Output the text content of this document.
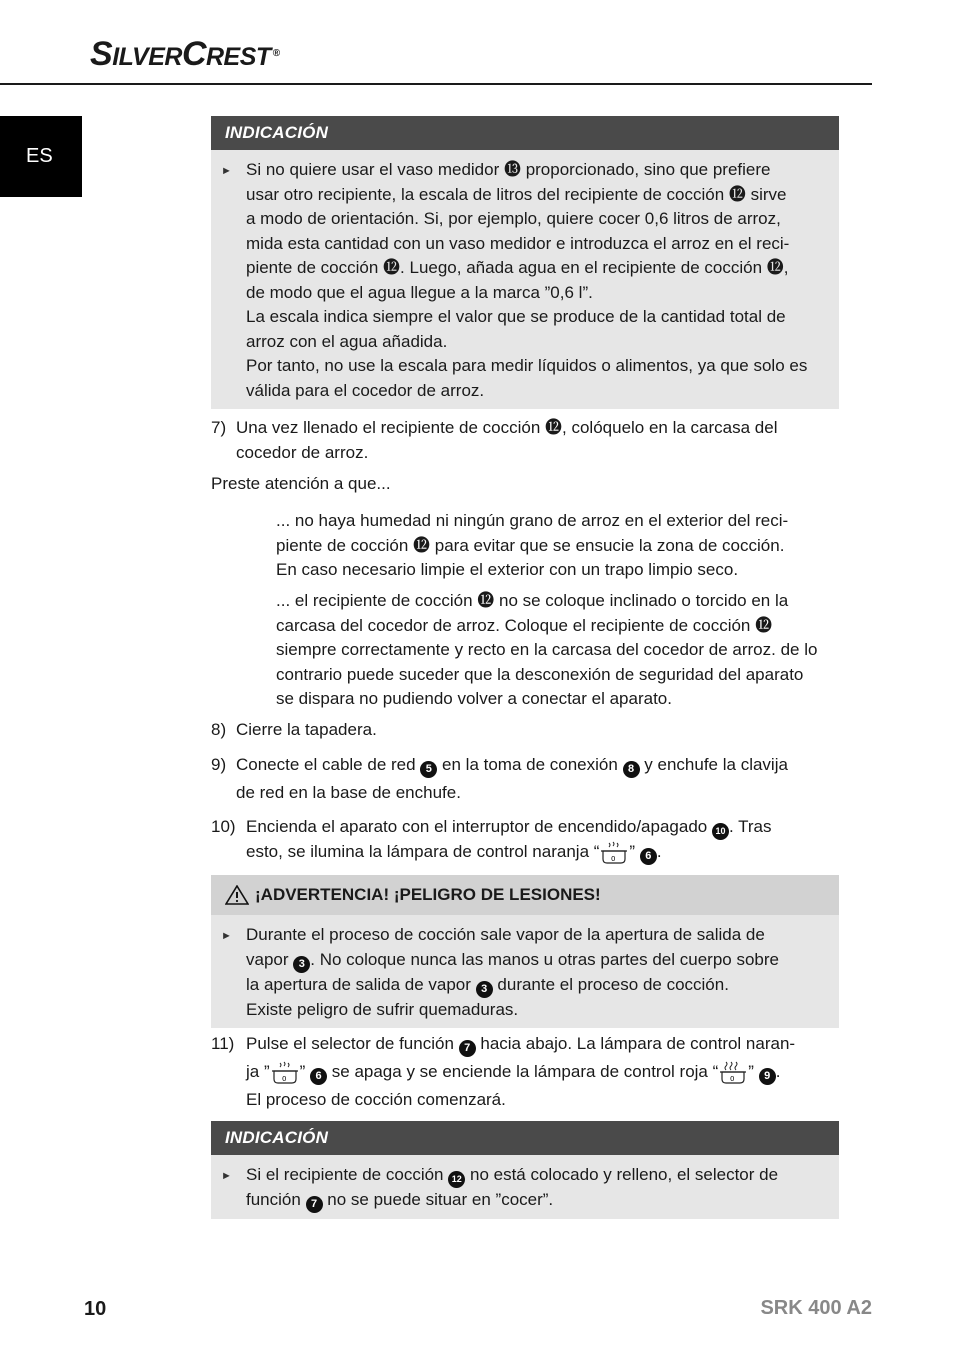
SILVERCREST ®
ES
INDICACIÓN
► Si no quiere usar el vaso medidor ⓭ proporcionado, sino que prefiere

usar otro recipiente, la escala de litros del recipiente de cocción ⓬ sirve

a modo de orientación. Si, por ejemplo, quiere cocer 0,6 litros de arroz,

mida esta cantidad con un vaso medidor e introduzca el arroz en el reci-

piente de cocción ⓬. Luego, añada agua en el recipiente de cocción ⓬,

de modo que el agua llegue a la marca ”0,6 l”.

La escala indica siempre el valor que se produce de la cantidad total de

arroz con el agua añadida.

Por tanto, no use la escala para medir líquidos o alimentos, ya que solo es

válida para el cocedor de arroz.

7) Una vez llenado el recipiente de cocción ⓬, colóquelo en la carcasa del
cocedor de arroz.
Preste atención a que...
... no haya humedad ni ningún grano de arroz en el exterior del reci-
piente de cocción ⓬ para evitar que se ensucie la zona de cocción.
En caso necesario limpie el exterior con un trapo limpio seco.
... el recipiente de cocción ⓬ no se coloque inclinado o torcido en la
carcasa del cocedor de arroz. Coloque el recipiente de cocción ⓬
siempre correctamente y recto en la carcasa del cocedor de arroz. de lo
contrario puede suceder que la desconexión de seguridad del aparato
se dispara no pudiendo volver a conectar el aparato.
8) Cierre la tapadera.
9) Conecte el cable de red 5 en la toma de conexión 8 y enchufe la clavija
de red en la base de enchufe.
10) Encienda el aparato con el interruptor de encendido/apagado 10 . Tras
esto, se ilumina la lámpara de control naranja “ 0 ” 6 .
¡ADVERTENCIA! ¡PELIGRO DE LESIONES!
► Durante el proceso de cocción sale vapor de la apertura de salida de

vapor 3 . No coloque nunca las manos u otras partes del cuerpo sobre

la apertura de salida de vapor 3 durante el proceso de cocción.

Existe peligro de sufrir quemaduras.

11) Pulse el selector de función 7 hacia abajo. La lámpara de control naran-
ja ” 0 ” 6 se apaga y se enciende la lámpara de control roja “ 0 ” 9 .
El proceso de cocción comenzará.
INDICACIÓN
► Si el recipiente de cocción 12 no está colocado y relleno, el selector de

función 7 no se puede situar en ”cocer”.

10	SRK 400 A2
